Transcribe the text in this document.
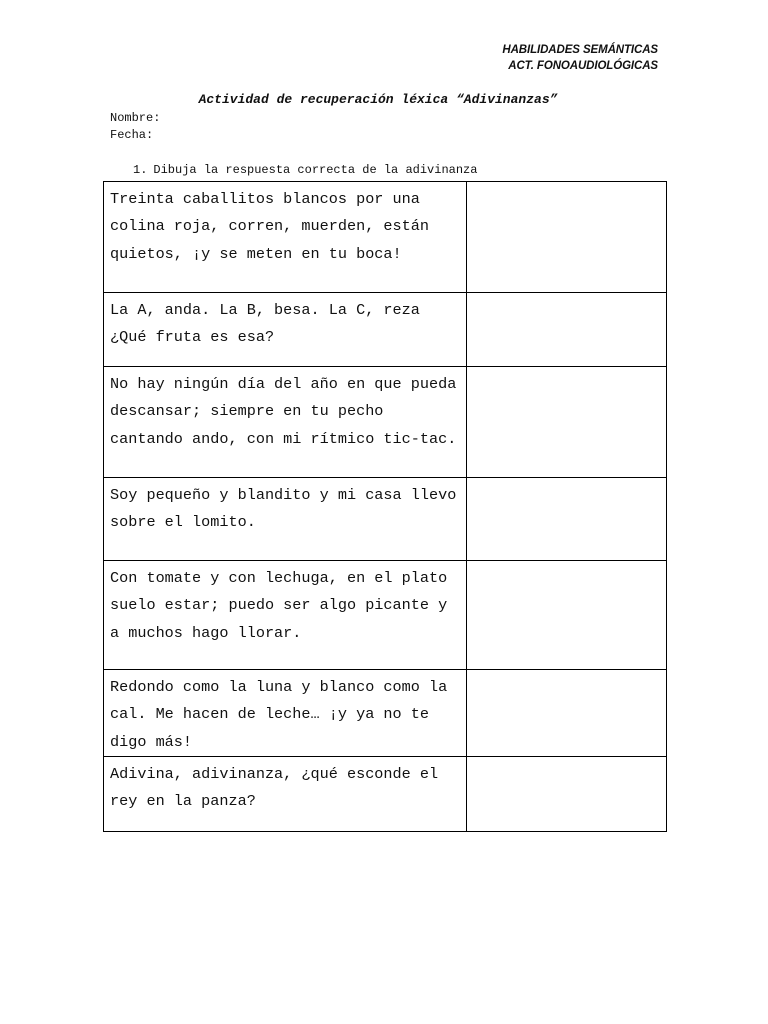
HABILIDADES SEMÁNTICAS
ACT. FONOAUDIOLÓGICAS
Actividad de recuperación léxica “Adivinanzas”
Nombre:
Fecha:
1. Dibuja la respuesta correcta de la adivinanza
Treinta caballitos blancos por una colina roja, corren, muerden, están quietos, ¡y se meten en tu boca!	
La A, anda. La B, besa. La C, reza ¿Qué fruta es esa?	
No hay ningún día del año en que pueda descansar; siempre en tu pecho cantando ando, con mi rítmico tic-tac.	
Soy pequeño y blandito y mi casa llevo sobre el lomito.	
Con tomate y con lechuga, en el plato suelo estar; puedo ser algo picante y a muchos hago llorar.	
Redondo como la luna y blanco como la cal. Me hacen de leche… ¡y ya no te digo más!	
Adivina, adivinanza, ¿qué esconde el rey en la panza?	
